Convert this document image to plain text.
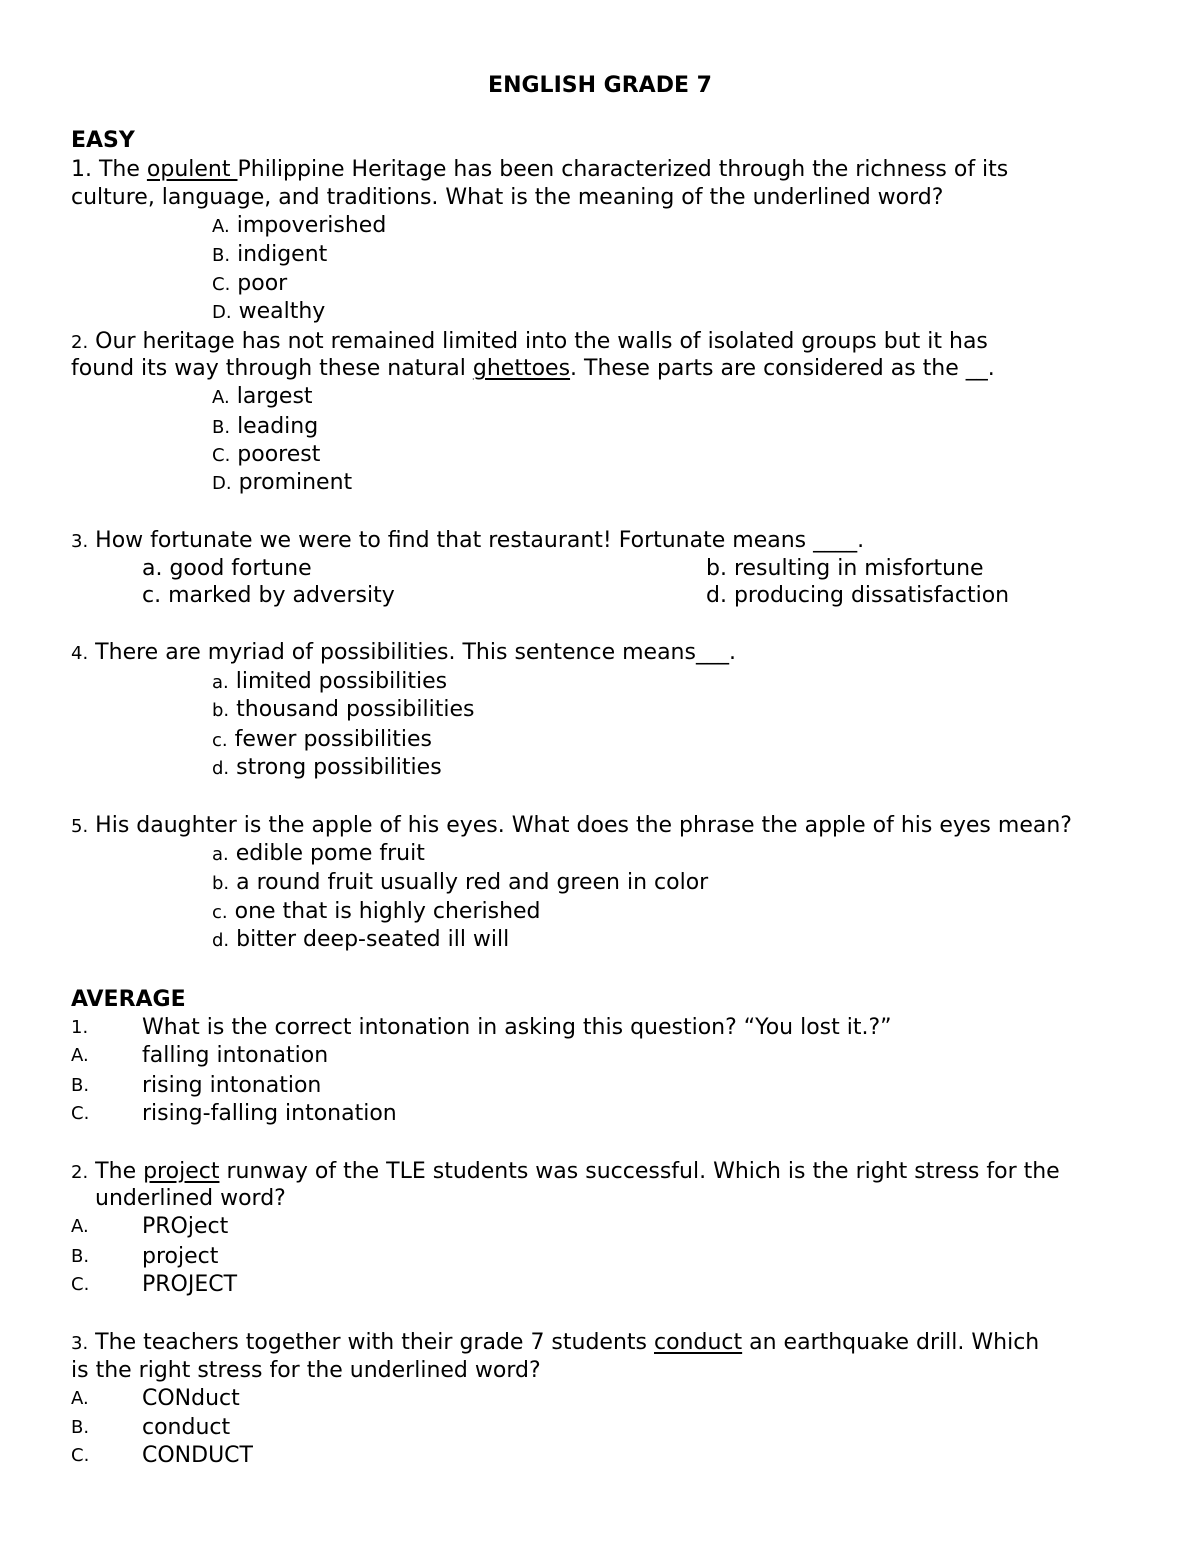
ENGLISH GRADE 7
EASY
1. The opulent Philippine Heritage has been characterized through the richness of its
culture, language, and traditions. What is the meaning of the underlined word?
A. impoverished
B. indigent
C. poor
D. wealthy
2. Our heritage has not remained limited into the walls of isolated groups but it has
found its way through these natural ghettoes. These parts are considered as the __.
A. largest
B. leading
C. poorest
D. prominent
3. How fortunate we were to find that restaurant! Fortunate means ____.
a. good fortune	b. resulting in misfortune
c. marked by adversity	d. producing dissatisfaction
4. There are myriad of possibilities. This sentence means___.
a. limited possibilities
b. thousand possibilities
c. fewer possibilities
d. strong possibilities
5. His daughter is the apple of his eyes. What does the phrase the apple of his eyes mean?
a. edible pome fruit
b. a round fruit usually red and green in color
c. one that is highly cherished
d. bitter deep-seated ill will
AVERAGE
1. What is the correct intonation in asking this question? “You lost it.?”
A. falling intonation
B. rising intonation
C. rising-falling intonation
2. The project runway of the TLE students was successful. Which is the right stress for the
underlined word?
A. PROject
B. project
C. PROJECT
3. The teachers together with their grade 7 students conduct an earthquake drill. Which
is the right stress for the underlined word?
A. CONduct
B. conduct
C. CONDUCT
